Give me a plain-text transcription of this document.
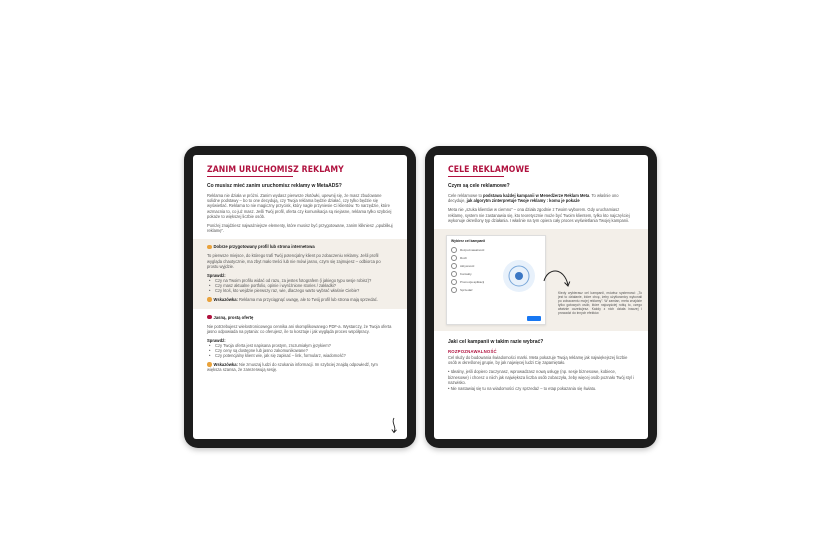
ZANIM URUCHOMISZ REKLAMY
Co musisz mieć zanim uruchomisz reklamy w MetaADS?
Reklama nie działa w próżni. Zanim wydasz pierwsze złotówki, upewnij się, że masz zbudowane solidne podstawy – bo to one decydują, czy Twoja reklama będzie działać, czy tylko będzie się wyświetlać. Reklama to nie magiczny przycisk, który nagle przyniesie Ci klientów. To narzędzie, które wzmacnia to, co już masz. Jeśli Twój profil, oferta czy komunikacja są niejasne, reklama tylko szybciej pokaże to większej liczbie osób.
Poniżej znajdziesz najważniejsze elementy, które musisz być przygotowane, zanim klikniesz „opublikuj reklamę”.
Dobrze przygotowany profil lub strona internetowa
To pierwsze miejsce, do którego trafi Twój potencjalny klient po zobaczeniu reklamy. Jeśli profil wygląda chaotycznie, ma zbyt mało treści lub nie mówi jasno, czym się zajmujesz – odbiorca po prostu wyjdzie.
Sprawdź:
• Czy na Twoim profilu widać od razu, za jestes fotografem (i jakiego typu sesje robisz)?
• Czy masz aktualne portfolio, opinie i wyróżnione stories / zakładki?
• Czy ktoś, kto wejdzie pierwszy raz, wie, dlaczego warto wybrać właśnie Ciebie?
Wskazówka: Reklama ma przyciągnąć uwagę, ale to Twój profil lub strona mają sprzedać.
Jasną, prostą ofertę
Nie potrzebujesz wielostronicowego cennika ani skomplikowanego PDF-a. Wystarczy, że Twoja oferta jasno odpowiada na pytania: co oferujesz, ile to kosztuje i jak wygląda proces współpracy.
Sprawdź:
• Czy Twoja oferta jest napisana prostym, zrozumiałym językiem?
• Czy ceny są dostępne lub jasno zakomunikowane?
• Czy potencjalny klient wie, jak się zapisać – link, formularz, wiadomość?
Wskazówka: Nie zmuszaj ludzi do szukania informacji. Im szybciej znajdą odpowiedź, tym większa szansa, że zarezerwują sesję.
CELE REKLAMOWE
Czym są cele reklamowe?
Cele reklamowe to podstawa każdej kampanii w Menedżerze Reklam Meta. To właśnie ono decyduje, jak algorytm zinterpretuje Twoje reklamy : komu je pokaże
Meta nie „szuka klientów w ciemno” – ona działa zgodnie z Twoim wyborem. Gdy uruchamiasz reklamę, system nie zastanawia się, kto teoretycznie może być Twoim klientem, tylko kto najczęściej wykonuje określony typ działania. I właśnie na tym opiera cały proces wyświetlania Twojej kampanii.
Wybierz cel kampanii
Rozpoznawalność
Ruch
Aktywność
Kontakty
Promocja aplikacji
Sprzedaż
Kiedy wybierasz cel kampanii, mówisz systemowi: „To jest to działanie, które chcę, żeby użytkownicy wykonali po zobaczeniu mojej reklamy”. W zamian, meta znajdzie tylko gotowych osób, które najczęściej robią to, czego właśnie oczekujesz. Każdy z nich działa inaczej i prowadzi do innych efektów.
Jaki cel kampanii w takim razie wybrać?
ROZPOZNAWALNOŚĆ
Cel służy do budowania świadomości marki. Meta pokazuje Twoją reklamę jak najwiękejszej liczbie osób w określonej grupie, by jak najwięcej ludzi Cię zapamiętało.
• Idealny, jeśli dopiero zaczynasz, wprowadzasz nową usługę (np. sesje biznesowe, kobiece, biznesowe) i chcesz o niich jak największa liczba osób zobaczyła, żeby więcej osób poznało Twój styl i nazwisko.
• Nie nastawiaj się tu na wiadomości czy sprzedaż – to etap pokazania się światu.
